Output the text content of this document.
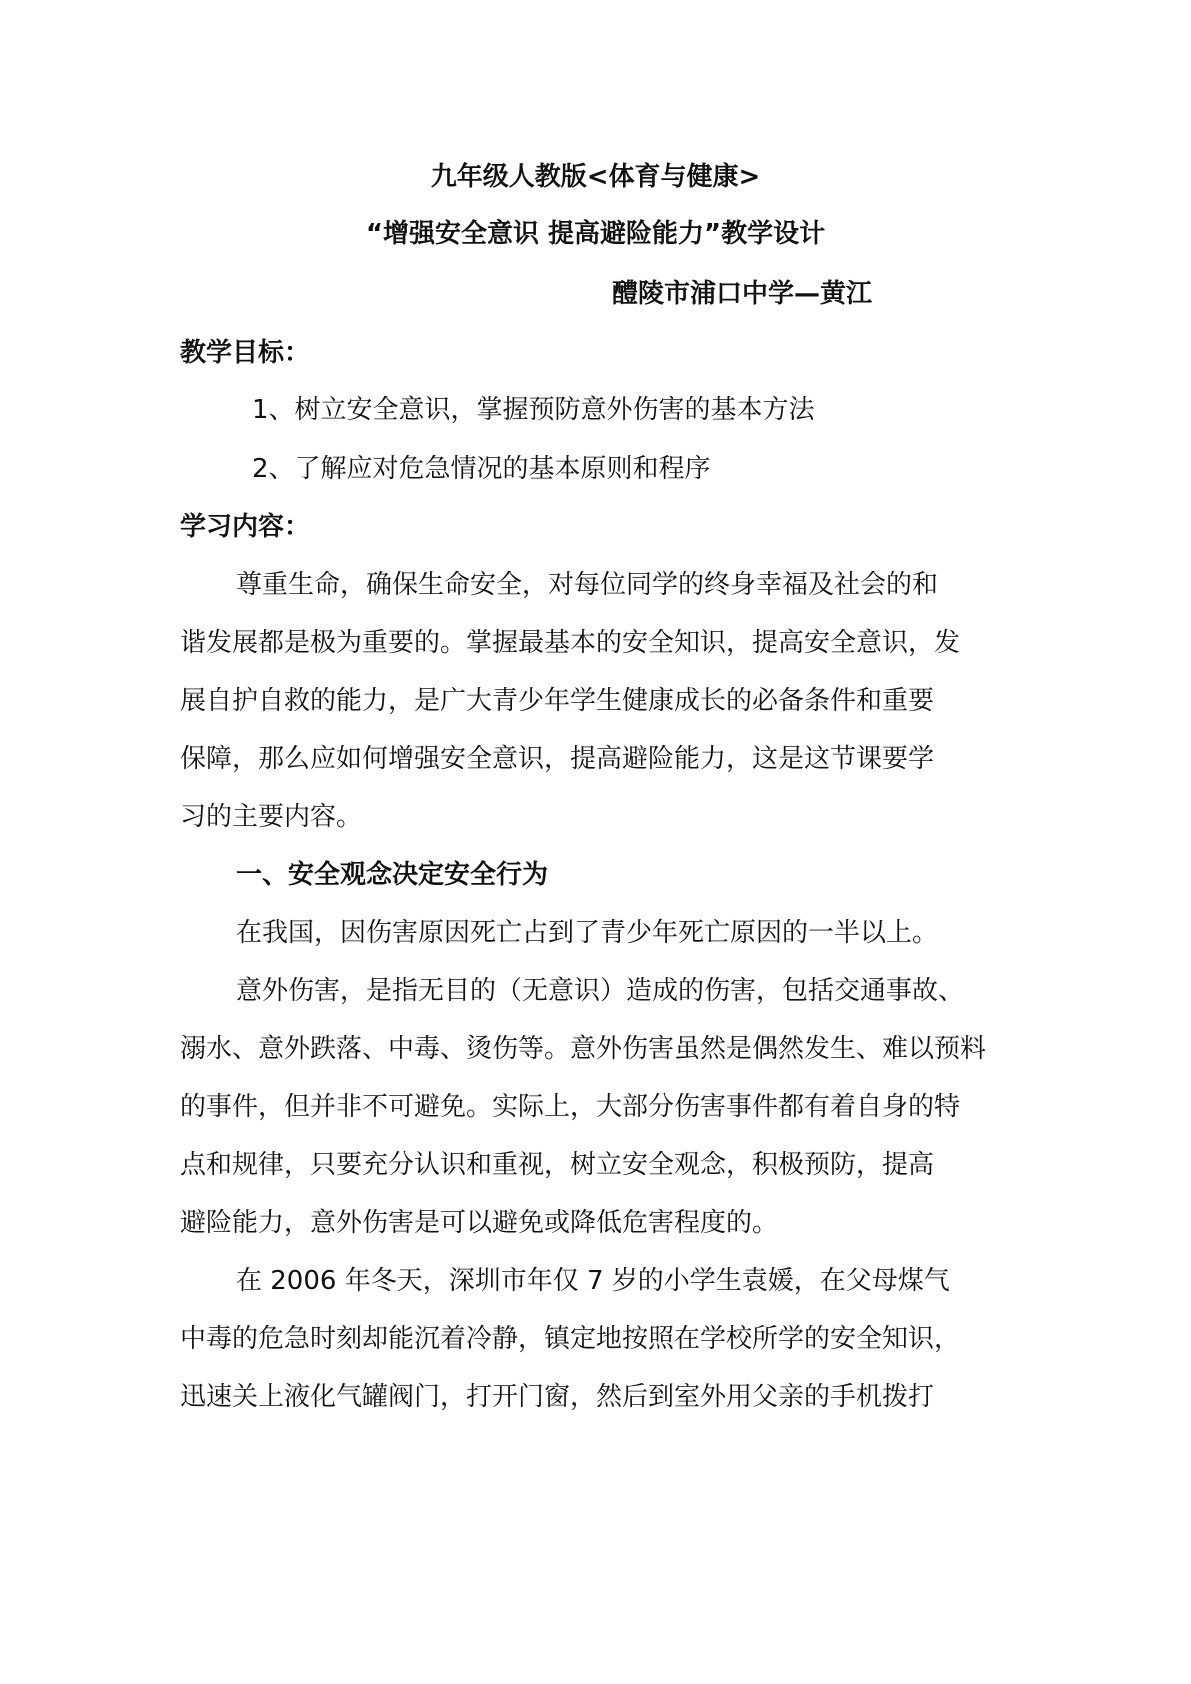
九年级人教版<体育与健康>
“增强安全意识 提高避险能力”教学设计
醴陵市浦口中学—黄江
教学目标：
1、树立安全意识，掌握预防意外伤害的基本方法
2、了解应对危急情况的基本原则和程序
学习内容：
尊重生命，确保生命安全，对每位同学的终身幸福及社会的和
谐发展都是极为重要的。掌握最基本的安全知识，提高安全意识，发
展自护自救的能力，是广大青少年学生健康成长的必备条件和重要
保障，那么应如何增强安全意识，提高避险能力，这是这节课要学
习的主要内容。
一、安全观念决定安全行为
在我国，因伤害原因死亡占到了青少年死亡原因的一半以上。
意外伤害，是指无目的（无意识）造成的伤害，包括交通事故、
溺水、意外跌落、中毒、烫伤等。意外伤害虽然是偶然发生、难以预料
的事件，但并非不可避免。实际上，大部分伤害事件都有着自身的特
点和规律，只要充分认识和重视，树立安全观念，积极预防，提高
避险能力，意外伤害是可以避免或降低危害程度的。
在 2006 年冬天，深圳市年仅 7 岁的小学生袁媛，在父母煤气
中毒的危急时刻却能沉着冷静，镇定地按照在学校所学的安全知识，
迅速关上液化气罐阀门，打开门窗，然后到室外用父亲的手机拨打
